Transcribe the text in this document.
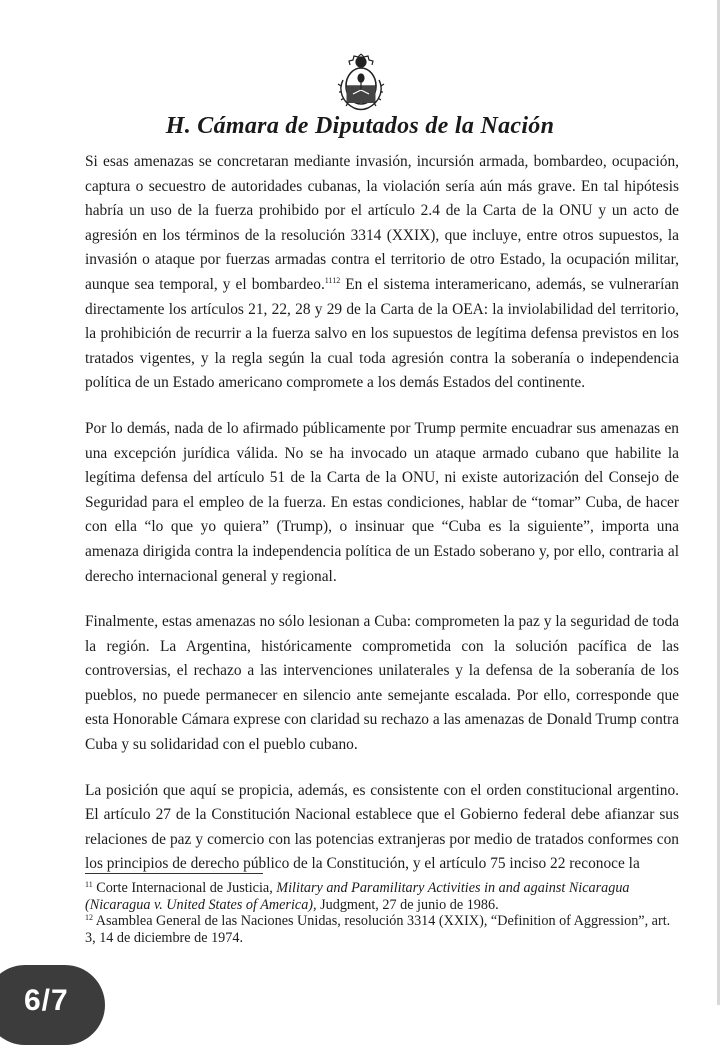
H. Cámara de Diputados de la Nación

Si esas amenazas se concretaran mediante invasión, incursión armada, bombardeo, ocupación, captura o secuestro de autoridades cubanas, la violación sería aún más grave. En tal hipótesis habría un uso de la fuerza prohibido por el artículo 2.4 de la Carta de la ONU y un acto de agresión en los términos de la resolución 3314 (XXIX), que incluye, entre otros supuestos, la invasión o ataque por fuerzas armadas contra el territorio de otro Estado, la ocupación militar, aunque sea temporal, y el bombardeo.$^{1112}$ En el sistema interamericano, además, se vulnerarían directamente los artículos 21, 22, 28 y 29 de la Carta de la OEA: la inviolabilidad del territorio, la prohibición de recurrir a la fuerza salvo en los supuestos de legítima defensa previstos en los tratados vigentes, y la regla según la cual toda agresión contra la soberanía o independencia política de un Estado americano compromete a los demás Estados del continente.

Por lo demás, nada de lo afirmado públicamente por Trump permite encuadrar sus amenazas en una excepción jurídica válida. No se ha invocado un ataque armado cubano que habilite la legítima defensa del artículo 51 de la Carta de la ONU, ni existe autorización del Consejo de Seguridad para el empleo de la fuerza. En estas condiciones, hablar de “tomar” Cuba, de hacer con ella “lo que yo quiera” (Trump), o insinuar que “Cuba es la siguiente”, importa una amenaza dirigida contra la independencia política de un Estado soberano y, por ello, contraria al derecho internacional general y regional.

Finalmente, estas amenazas no sólo lesionan a Cuba: comprometen la paz y la seguridad de toda la región. La Argentina, históricamente comprometida con la solución pacífica de las controversias, el rechazo a las intervenciones unilaterales y la defensa de la soberanía de los pueblos, no puede permanecer en silencio ante semejante escalada. Por ello, corresponde que esta Honorable Cámara exprese con claridad su rechazo a las amenazas de Donald Trump contra Cuba y su solidaridad con el pueblo cubano.

La posición que aquí se propicia, además, es consistente con el orden constitucional argentino. El artículo 27 de la Constitución Nacional establece que el Gobierno federal debe afianzar sus relaciones de paz y comercio con las potencias extranjeras por medio de tratados conformes con los principios de derecho público de la Constitución, y el artículo 75 inciso 22 reconoce la

$^{11}$ Corte Internacional de Justicia, Military and Paramilitary Activities in and against Nicaragua (Nicaragua v. United States of America), Judgment, 27 de junio de 1986.

$^{12}$ Asamblea General de las Naciones Unidas, resolución 3314 (XXIX), “Definition of Aggression”, art. 3, 14 de diciembre de 1974.

6/7
